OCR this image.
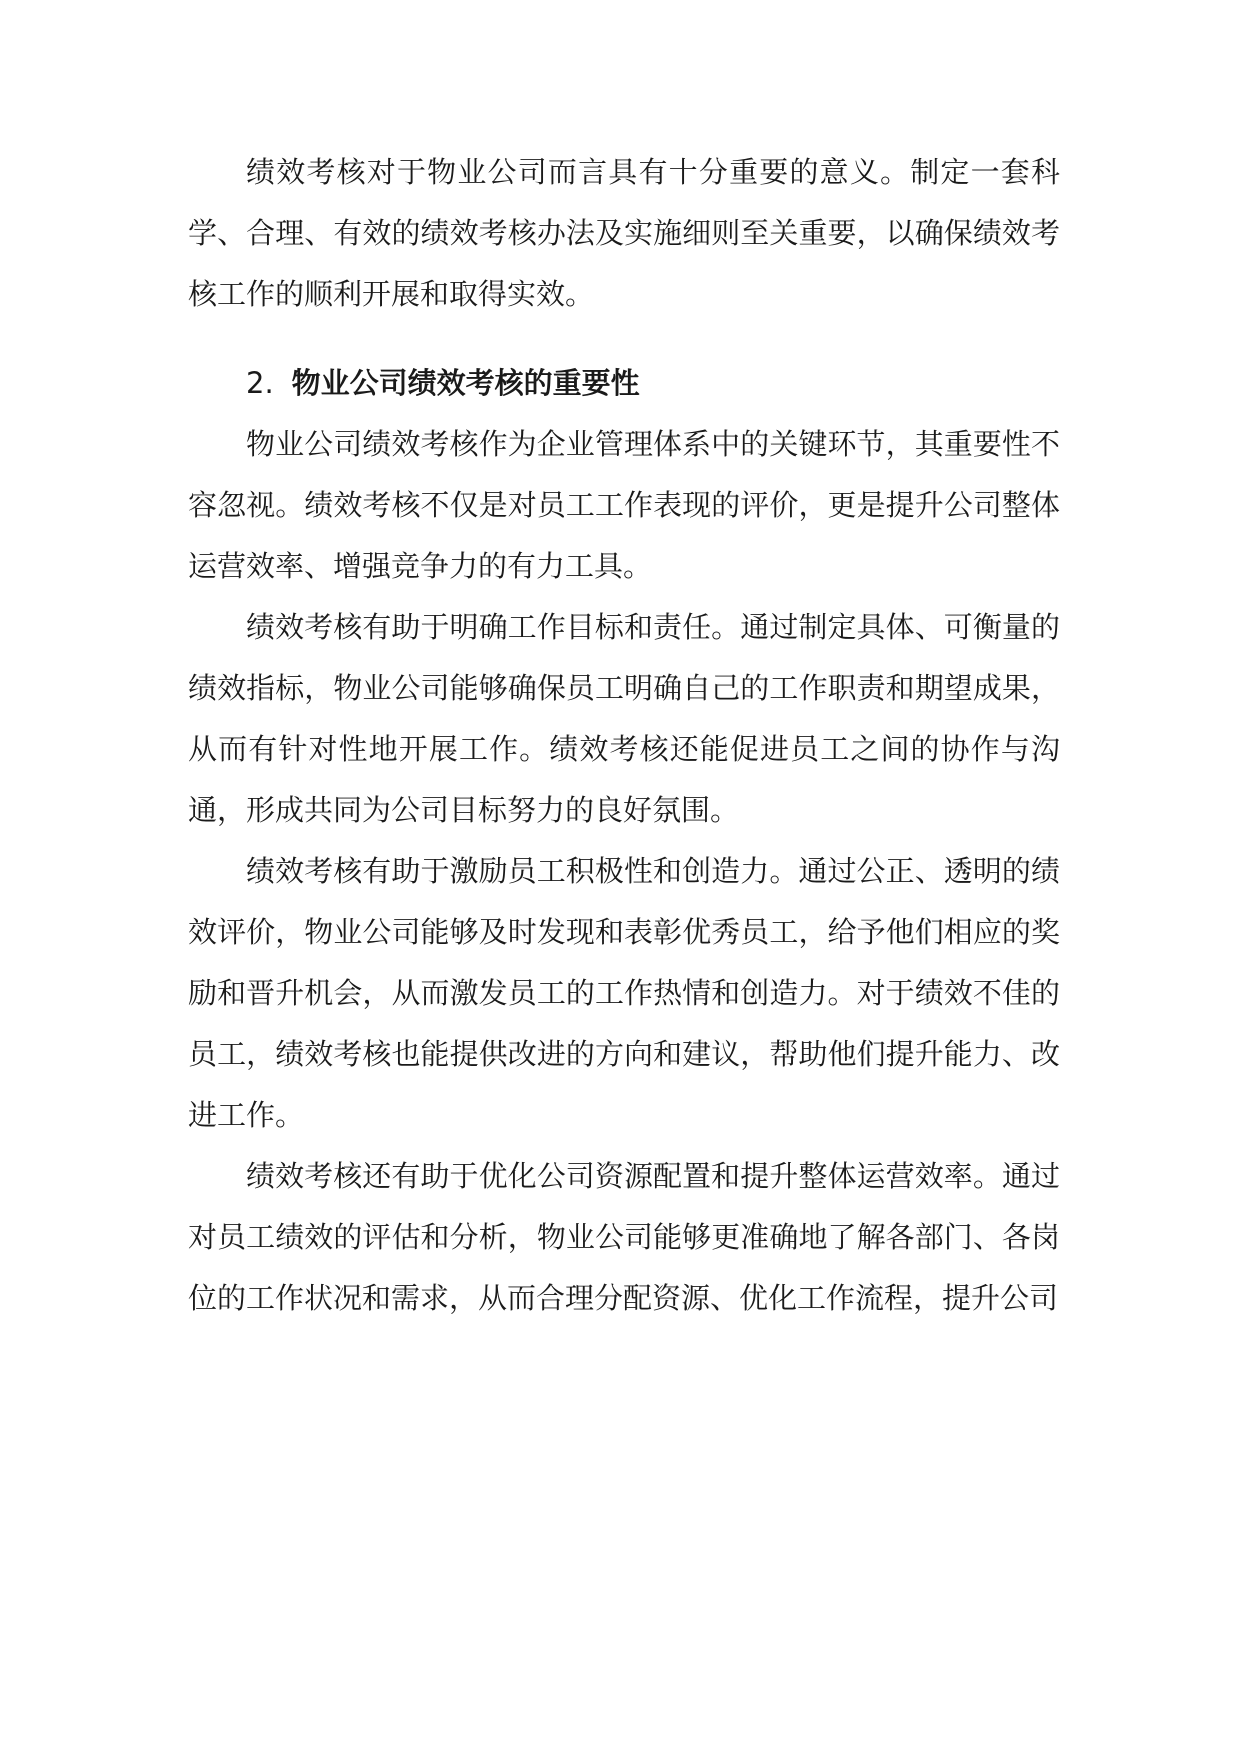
绩效考核对于物业公司而言具有十分重要的意义。制定一套科学、合理、有效的绩效考核办法及实施细则至关重要，以确保绩效考核工作的顺利开展和取得实效。

2. 物业公司绩效考核的重要性

物业公司绩效考核作为企业管理体系中的关键环节，其重要性不容忽视。绩效考核不仅是对员工工作表现的评价，更是提升公司整体运营效率、增强竞争力的有力工具。

绩效考核有助于明确工作目标和责任。通过制定具体、可衡量的绩效指标，物业公司能够确保员工明确自己的工作职责和期望成果，从而有针对性地开展工作。绩效考核还能促进员工之间的协作与沟通，形成共同为公司目标努力的良好氛围。

绩效考核有助于激励员工积极性和创造力。通过公正、透明的绩效评价，物业公司能够及时发现和表彰优秀员工，给予他们相应的奖励和晋升机会，从而激发员工的工作热情和创造力。对于绩效不佳的员工，绩效考核也能提供改进的方向和建议，帮助他们提升能力、改进工作。

绩效考核还有助于优化公司资源配置和提升整体运营效率。通过对员工绩效的评估和分析，物业公司能够更准确地了解各部门、各岗位的工作状况和需求，从而合理分配资源、优化工作流程，提升公司
